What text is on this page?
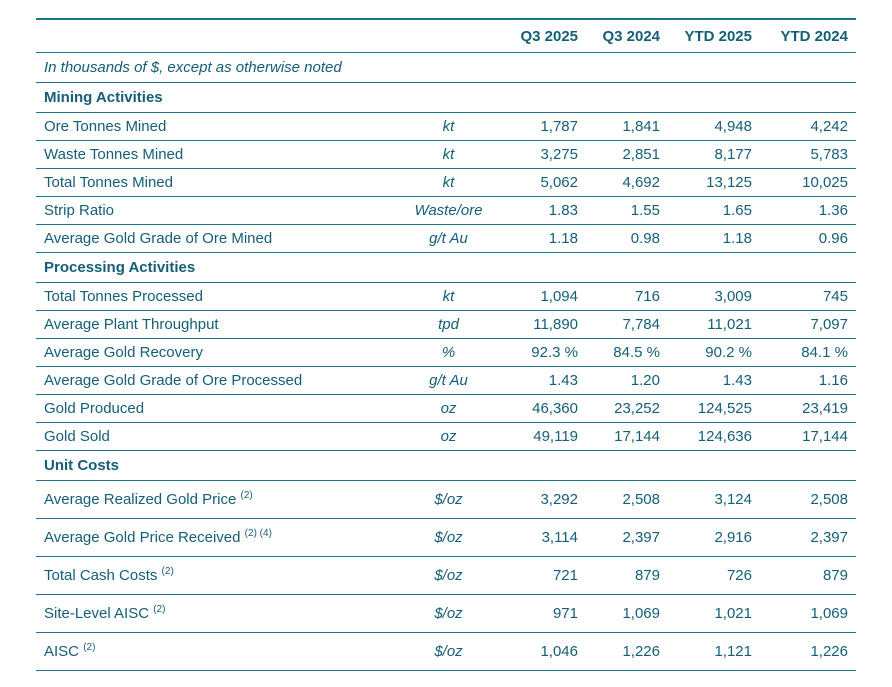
		Q3 2025	Q3 2024	YTD 2025	YTD 2024
In thousands of $, except as otherwise noted					
Mining Activities					
Ore Tonnes Mined	kt	1,787	1,841	4,948	4,242
Waste Tonnes Mined	kt	3,275	2,851	8,177	5,783
Total Tonnes Mined	kt	5,062	4,692	13,125	10,025
Strip Ratio	Waste/ore	1.83	1.55	1.65	1.36
Average Gold Grade of Ore Mined	g/t Au	1.18	0.98	1.18	0.96
Processing Activities					
Total Tonnes Processed	kt	1,094	716	3,009	745
Average Plant Throughput	tpd	11,890	7,784	11,021	7,097
Average Gold Recovery	%	92.3 %	84.5 %	90.2 %	84.1 %
Average Gold Grade of Ore Processed	g/t Au	1.43	1.20	1.43	1.16
Gold Produced	oz	46,360	23,252	124,525	23,419
Gold Sold	oz	49,119	17,144	124,636	17,144
Unit Costs					
Average Realized Gold Price $^{(2)}$	$/oz	3,292	2,508	3,124	2,508
Average Gold Price Received $^{(2) (4)}$	$/oz	3,114	2,397	2,916	2,397
Total Cash Costs $^{(2)}$	$/oz	721	879	726	879
Site-Level AISC $^{(2)}$	$/oz	971	1,069	1,021	1,069
AISC $^{(2)}$	$/oz	1,046	1,226	1,121	1,226
